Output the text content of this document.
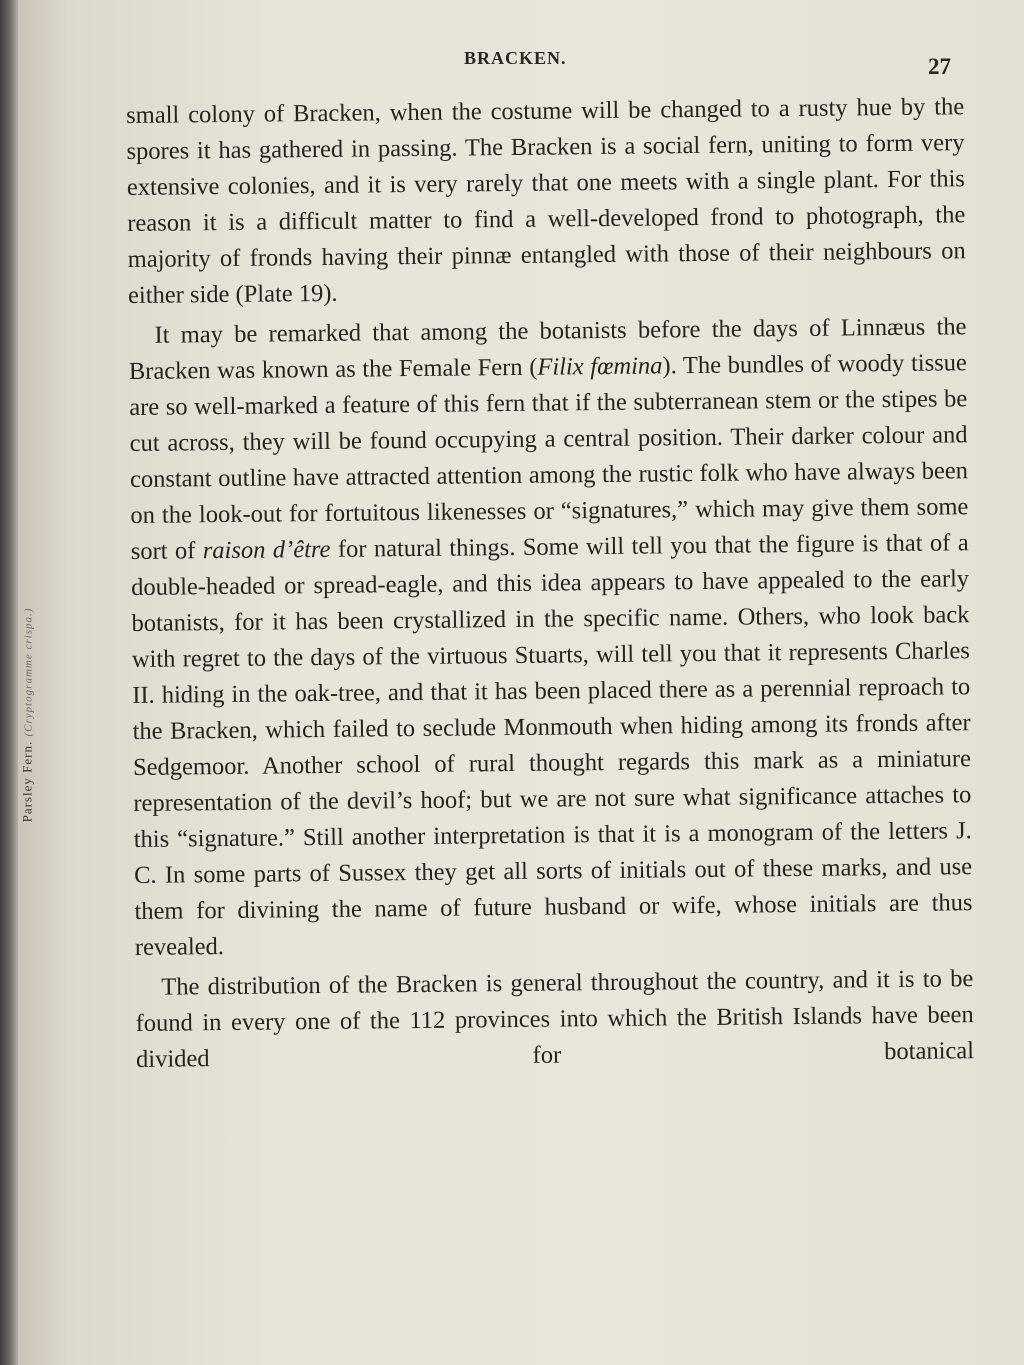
Parsley Fern. (Cryptogramme crispa.)
BRACKEN.	27

small colony of Bracken, when the costume will be changed to a rusty hue by the spores it has gathered in passing. The Bracken is a social fern, uniting to form very extensive colonies, and it is very rarely that one meets with a single plant. For this reason it is a difficult matter to find a well-developed frond to photograph, the majority of fronds having their pinnæ entangled with those of their neighbours on either side (Plate 19).

It may be remarked that among the botanists before the days of Linnæus the Bracken was known as the Female Fern (Filix fœmina). The bundles of woody tissue are so well-marked a feature of this fern that if the subterranean stem or the stipes be cut across, they will be found occupying a central position. Their darker colour and constant outline have attracted attention among the rustic folk who have always been on the look-out for fortuitous likenesses or “signatures,” which may give them some sort of raison d’être for natural things. Some will tell you that the figure is that of a double-headed or spread-eagle, and this idea appears to have appealed to the early botanists, for it has been crystallized in the specific name. Others, who look back with regret to the days of the virtuous Stuarts, will tell you that it represents Charles II. hiding in the oak-tree, and that it has been placed there as a perennial reproach to the Bracken, which failed to seclude Monmouth when hiding among its fronds after Sedgemoor. Another school of rural thought regards this mark as a miniature representation of the devil’s hoof; but we are not sure what significance attaches to this “signature.” Still another interpretation is that it is a monogram of the letters J. C. In some parts of Sussex they get all sorts of initials out of these marks, and use them for divining the name of future husband or wife, whose initials are thus revealed.

The distribution of the Bracken is general throughout the country, and it is to be found in every one of the 112 provinces into which the British Islands have been divided for botanical
